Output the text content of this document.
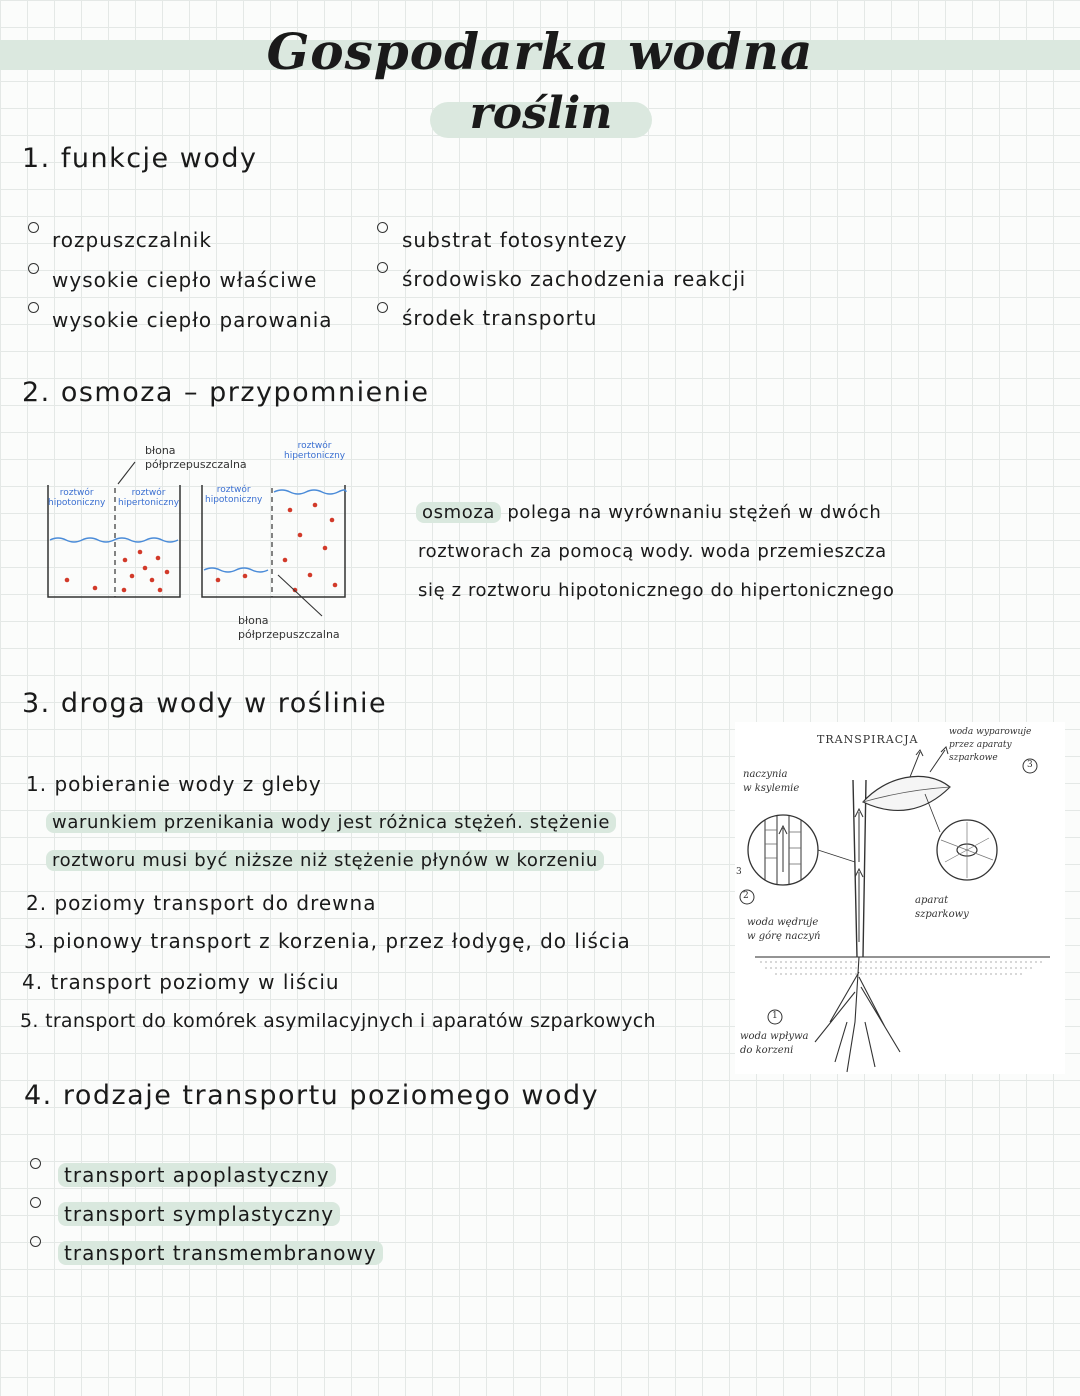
Gospodarka wodna
roślin
1. funkcje wody
rozpuszczalnik
wysokie ciepło właściwe
wysokie ciepło parowania
substrat fotosyntezy
środowisko zachodzenia reakcji
środek transportu
2. osmoza – przypomnienie
błona
półprzepuszczalna
roztwór
hipertoniczny
roztwór
hipotoniczny
roztwór
hipertoniczny
roztwór
hipotoniczny
błona
półprzepuszczalna
osmoza polega na wyrównaniu stężeń w dwóch
roztworach za pomocą wody. woda przemieszcza
się z roztworu hipotonicznego do hipertonicznego
3. droga wody w roślinie
1. pobieranie wody z gleby
warunkiem przenikania wody jest różnica stężeń. stężenie
roztworu musi być niższe niż stężenie płynów w korzeniu
2. poziomy transport do drewna
3. pionowy transport z korzenia, przez łodygę, do liścia
4. transport poziomy w liściu
5. transport do komórek asymilacyjnych i aparatów szparkowych
TRANSPIRACJA
naczynia
w ksylemie
woda wyparowuje
przez aparaty
szparkowe
woda wędruje
w górę naczyń
aparat
szparkowy
woda wpływa
do korzeni
2
3
1
3
4. rodzaje transportu poziomego wody
transport apoplastyczny
transport symplastyczny
transport transmembranowy
